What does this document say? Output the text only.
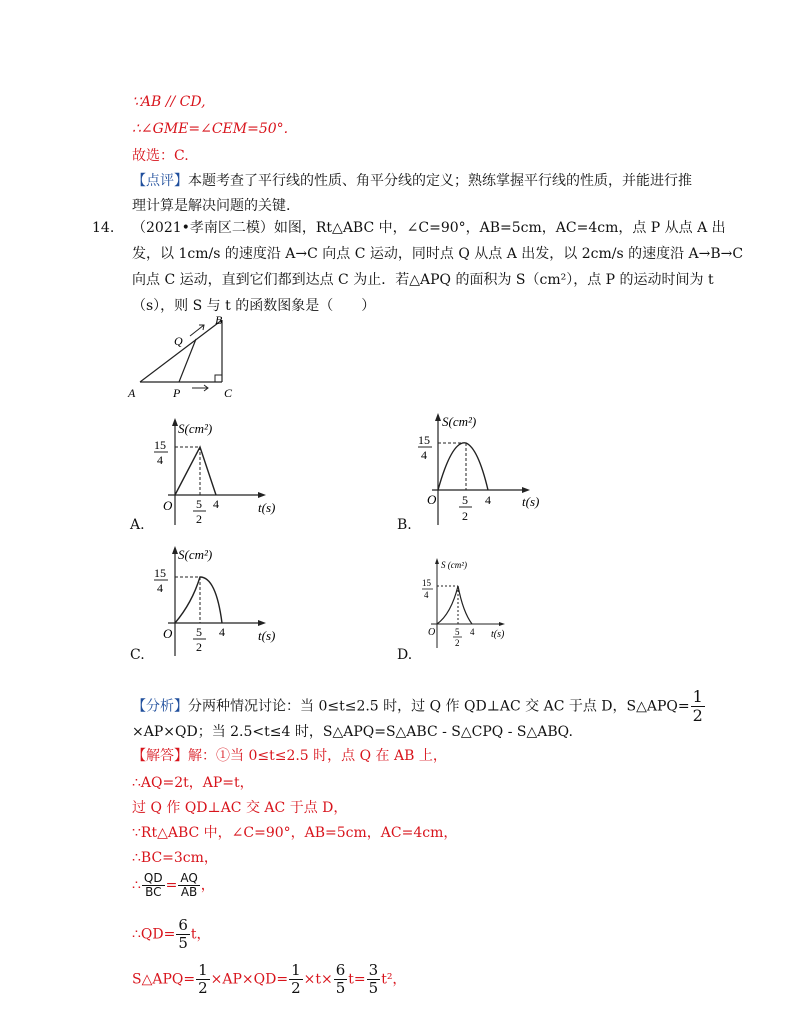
∵AB // CD,
∴∠GME=∠CEM=50°.
故选：C.
【点评】本题考查了平行线的性质、角平分线的定义；熟练掌握平行线的性质，并能进行推
理计算是解决问题的关键.
14. （2021•孝南区二模）如图，Rt△ABC 中，∠C=90°，AB=5cm，AC=4cm，点 P 从点 A 出
发，以 1cm/s 的速度沿 A→C 向点 C 运动，同时点 Q 从点 A 出发，以 2cm/s 的速度沿 A→B→C
向点 C 运动，直到它们都到达点 C 为止．若△APQ 的面积为 S（cm²），点 P 的运动时间为 t
（s），则 S 与 t 的函数图象是（　　）
A
B
C
P
Q
S(cm²)
15
4
O 5
2
4	t(s)
A.
S(cm²)
15
4
O 5
2
4 t(s)
B.
S(cm²)
15
4
O 5
2
4	t(s)
C.
S (cm²)
15
4
O 5
2
4 t(s)
D.
【分析】分两种情况讨论：当 0≤t≤2.5 时，过 Q 作 QD⊥AC 交 AC 于点 D，S△APQ= $\frac{1}{2}$
×AP×QD；当 2.5<t≤4 时，S△APQ=S△ABC - S△CPQ - S△ABQ.
【解答】解：①当 0≤t≤2.5 时，点 Q 在 AB 上，
∴AQ=2t，AP=t，
过 Q 作 QD⊥AC 交 AC 于点 D，
∵Rt△ABC 中，∠C=90°，AB=5cm，AC=4cm，
∴BC=3cm，
∴ $\frac{QD}{BC} = \frac{AQ}{AB}$ ，
∴QD= $\frac{6}{5}$ t，
S△APQ= $\frac{1}{2} \times AP\times QD= \frac{1}{2} \times t\times \frac{6}{5} t= \frac{3}{5} t^2$，
